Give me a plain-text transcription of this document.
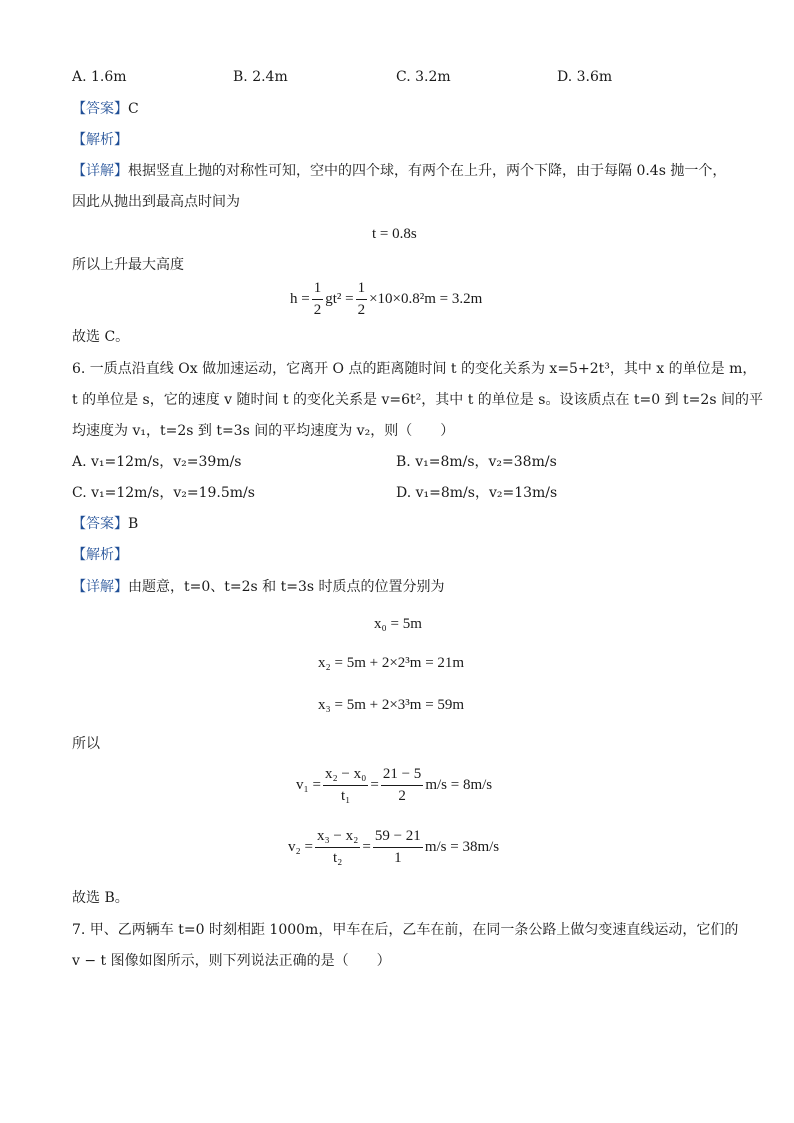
A. 1.6m	B. 2.4m	C. 3.2m	D. 3.6m
【答案】C
【解析】
【详解】根据竖直上抛的对称性可知，空中的四个球，有两个在上升，两个下降，由于每隔 0.4s 抛一个，
因此从抛出到最高点时间为
t = 0.8s
所以上升最大高度
$h = \frac{1}{2} gt^2 = \frac{1}{2} \times 10\times 0.8^2m = 3.2m$
故选 C。
6. 一质点沿直线 Ox 做加速运动，它离开 O 点的距离随时间 t 的变化关系为 x=5+2t³，其中 x 的单位是 m，
t 的单位是 s，它的速度 v 随时间 t 的变化关系是 v=6t²，其中 t 的单位是 s。设该质点在 t=0 到 t=2s 间的平
均速度为 v₁，t=2s 到 t=3s 间的平均速度为 v₂，则（　　）
A. v₁=12m/s，v₂=39m/s	B. v₁=8m/s，v₂=38m/s
C. v₁=12m/s，v₂=19.5m/s	D. v₁=8m/s，v₂=13m/s
【答案】B
【解析】
【详解】由题意，t=0、t=2s 和 t=3s 时质点的位置分别为
x₀ = 5m
x₂ = 5m + 2×2³m = 21m
x₃ = 5m + 2×3³m = 59m
所以
$v_1 = \frac{\text{x₂ − x₀}}{\text{t₁}} = \frac{21 - 5}{2} m/s = 8m/s$
$v_2 = \frac{\text{x₃ − x₂}}{\text{t₂}} = \frac{59 - 21}{1} m/s = 38m/s$
故选 B。
7. 甲、乙两辆车 t=0 时刻相距 1000m，甲车在后，乙车在前，在同一条公路上做匀变速直线运动，它们的
v − t 图像如图所示，则下列说法正确的是（　　）
